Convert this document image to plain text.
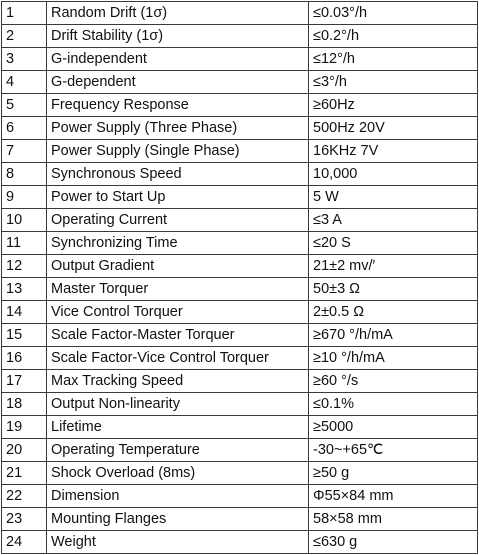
1	Random Drift (1σ)	≤0.03°/h
2	Drift Stability (1σ)	≤0.2°/h
3	G-independent	≤12°/h
4	G-dependent	≤3°/h
5	Frequency Response	≥60Hz
6	Power Supply (Three Phase)	500Hz 20V
7	Power Supply (Single Phase)	16KHz 7V
8	Synchronous Speed	10,000
9	Power to Start Up	5 W
10	Operating Current	≤3 A
11	Synchronizing Time	≤20 S
12	Output Gradient	21±2 mv/′
13	Master Torquer	50±3 Ω
14	Vice Control Torquer	2±0.5 Ω
15	Scale Factor-Master Torquer	≥670 °/h/mA
16	Scale Factor-Vice Control Torquer	≥10 °/h/mA
17	Max Tracking Speed	≥60 °/s
18	Output Non-linearity	≤0.1%
19	Lifetime	≥5000
20	Operating Temperature	-30~+65℃
21	Shock Overload (8ms)	≥50 g
22	Dimension	Φ55×84 mm
23	Mounting Flanges	58×58 mm
24	Weight	≤630 g
